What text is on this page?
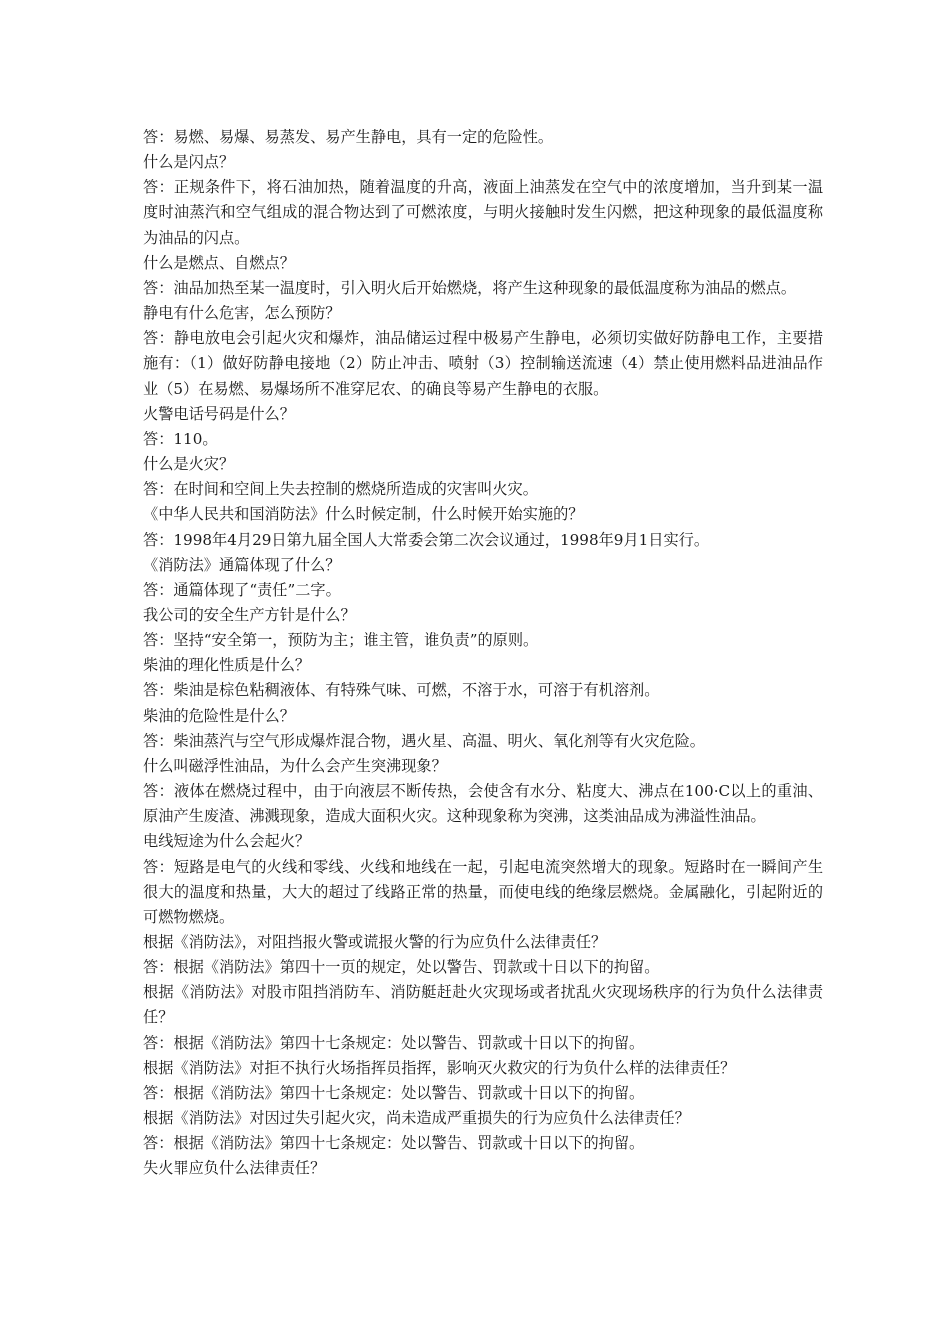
答：易燃、易爆、易蒸发、易产生静电，具有一定的危险性。

什么是闪点？

答：正规条件下，将石油加热，随着温度的升高，液面上油蒸发在空气中的浓度增加，当升到某一温度时油蒸汽和空气组成的混合物达到了可燃浓度，与明火接触时发生闪燃，把这种现象的最低温度称为油品的闪点。

什么是燃点、自燃点？

答：油品加热至某一温度时，引入明火后开始燃烧，将产生这种现象的最低温度称为油品的燃点。

静电有什么危害，怎么预防？

答：静电放电会引起火灾和爆炸，油品储运过程中极易产生静电，必须切实做好防静电工作，主要措施有：（1）做好防静电接地（2）防止冲击、喷射（3）控制输送流速（4）禁止使用燃料品进油品作业（5）在易燃、易爆场所不准穿尼农、的确良等易产生静电的衣服。

火警电话号码是什么？

答：110。

什么是火灾？

答：在时间和空间上失去控制的燃烧所造成的灾害叫火灾。

《中华人民共和国消防法》什么时候定制，什么时候开始实施的？

答：1998年4月29日第九届全国人大常委会第二次会议通过，1998年9月1日实行。

《消防法》通篇体现了什么？

答：通篇体现了“责任”二字。

我公司的安全生产方针是什么？

答：坚持“安全第一，预防为主；谁主管，谁负责”的原则。

柴油的理化性质是什么？

答：柴油是棕色粘稠液体、有特殊气味、可燃，不溶于水，可溶于有机溶剂。

柴油的危险性是什么？

答：柴油蒸汽与空气形成爆炸混合物，遇火星、高温、明火、氧化剂等有火灾危险。

什么叫磁浮性油品，为什么会产生突沸现象？

答：液体在燃烧过程中，由于向液层不断传热，会使含有水分、粘度大、沸点在100·C以上的重油、原油产生废渣、沸溅现象，造成大面积火灾。这种现象称为突沸，这类油品成为沸溢性油品。

电线短途为什么会起火？

答：短路是电气的火线和零线、火线和地线在一起，引起电流突然增大的现象。短路时在一瞬间产生很大的温度和热量，大大的超过了线路正常的热量，而使电线的绝缘层燃烧。金属融化，引起附近的可燃物燃烧。

根据《消防法》，对阻挡报火警或谎报火警的行为应负什么法律责任？

答：根据《消防法》第四十一页的规定，处以警告、罚款或十日以下的拘留。

根据《消防法》对股市阻挡消防车、消防艇赶赴火灾现场或者扰乱火灾现场秩序的行为负什么法律责任？

答：根据《消防法》第四十七条规定：处以警告、罚款或十日以下的拘留。

根据《消防法》对拒不执行火场指挥员指挥，影响灭火救灾的行为负什么样的法律责任？

答：根据《消防法》第四十七条规定：处以警告、罚款或十日以下的拘留。

根据《消防法》对因过失引起火灾，尚未造成严重损失的行为应负什么法律责任？

答：根据《消防法》第四十七条规定：处以警告、罚款或十日以下的拘留。

失火罪应负什么法律责任？
